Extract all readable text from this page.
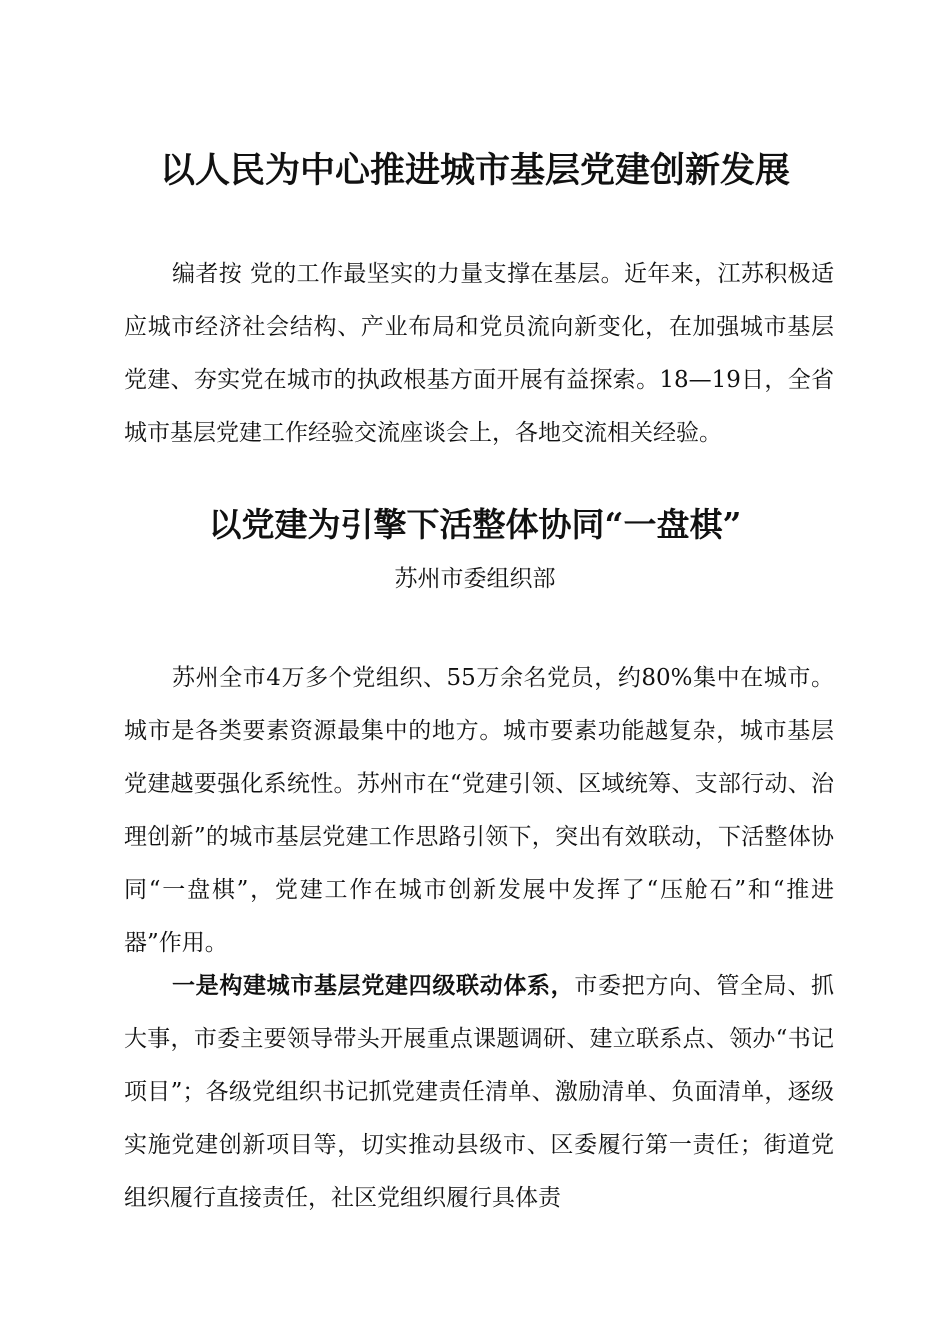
以人民为中心推进城市基层党建创新发展

编者按 党的工作最坚实的力量支撑在基层。近年来，江苏积极适应城市经济社会结构、产业布局和党员流向新变化，在加强城市基层党建、夯实党在城市的执政根基方面开展有益探索。18—19日，全省城市基层党建工作经验交流座谈会上，各地交流相关经验。

以党建为引擎下活整体协同“一盘棋”

苏州市委组织部

苏州全市4万多个党组织、55万余名党员，约80%集中在城市。城市是各类要素资源最集中的地方。城市要素功能越复杂，城市基层党建越要强化系统性。苏州市在“党建引领、区域统筹、支部行动、治理创新”的城市基层党建工作思路引领下，突出有效联动，下活整体协同“一盘棋”，党建工作在城市创新发展中发挥了“压舱石”和“推进器”作用。

一是构建城市基层党建四级联动体系，市委把方向、管全局、抓大事，市委主要领导带头开展重点课题调研、建立联系点、领办“书记项目”；各级党组织书记抓党建责任清单、激励清单、负面清单，逐级实施党建创新项目等，切实推动县级市、区委履行第一责任；街道党组织履行直接责任，社区党组织履行具体责
